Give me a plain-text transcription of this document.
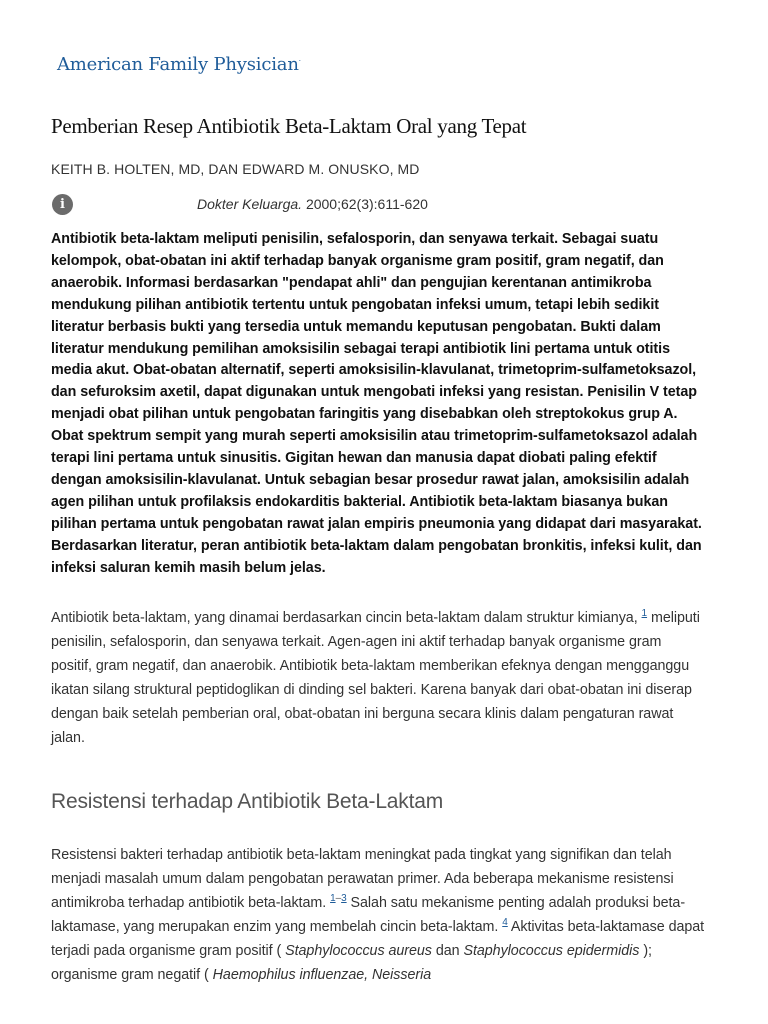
American Family Physician·
Pemberian Resep Antibiotik Beta-Laktam Oral yang Tepat
KEITH B. HOLTEN, MD, DAN EDWARD M. ONUSKO, MD
i	Dokter Keluarga. 2000;62(3):611-620

Antibiotik beta-laktam meliputi penisilin, sefalosporin, dan senyawa terkait. Sebagai suatu kelompok, obat-obatan ini aktif terhadap banyak organisme gram positif, gram negatif, dan anaerobik. Informasi berdasarkan "pendapat ahli" dan pengujian kerentanan antimikroba mendukung pilihan antibiotik tertentu untuk pengobatan infeksi umum, tetapi lebih sedikit literatur berbasis bukti yang tersedia untuk memandu keputusan pengobatan. Bukti dalam literatur mendukung pemilihan amoksisilin sebagai terapi antibiotik lini pertama untuk otitis media akut. Obat-obatan alternatif, seperti amoksisilin-klavulanat, trimetoprim-sulfametoksazol, dan sefuroksim axetil, dapat digunakan untuk mengobati infeksi yang resistan. Penisilin V tetap menjadi obat pilihan untuk pengobatan faringitis yang disebabkan oleh streptokokus grup A. Obat spektrum sempit yang murah seperti amoksisilin atau trimetoprim-sulfametoksazol adalah terapi lini pertama untuk sinusitis. Gigitan hewan dan manusia dapat diobati paling efektif dengan amoksisilin-klavulanat. Untuk sebagian besar prosedur rawat jalan, amoksisilin adalah agen pilihan untuk profilaksis endokarditis bakterial. Antibiotik beta-laktam biasanya bukan pilihan pertama untuk pengobatan rawat jalan empiris pneumonia yang didapat dari masyarakat. Berdasarkan literatur, peran antibiotik beta-laktam dalam pengobatan bronkitis, infeksi kulit, dan infeksi saluran kemih masih belum jelas.

Antibiotik beta-laktam, yang dinamai berdasarkan cincin beta-laktam dalam struktur kimianya, $^1$ meliputi penisilin, sefalosporin, dan senyawa terkait. Agen-agen ini aktif terhadap banyak organisme gram positif, gram negatif, dan anaerobik. Antibiotik beta-laktam memberikan efeknya dengan mengganggu ikatan silang struktural peptidoglikan di dinding sel bakteri. Karena banyak dari obat-obatan ini diserap dengan baik setelah pemberian oral, obat-obatan ini berguna secara klinis dalam pengaturan rawat jalan.

Resistensi terhadap Antibiotik Beta-Laktam

Resistensi bakteri terhadap antibiotik beta-laktam meningkat pada tingkat yang signifikan dan telah menjadi masalah umum dalam pengobatan perawatan primer. Ada beberapa mekanisme resistensi antimikroba terhadap antibiotik beta-laktam. $^{1-3}$ Salah satu mekanisme penting adalah produksi beta-laktamase, yang merupakan enzim yang membelah cincin beta-laktam. $^4$ Aktivitas beta-laktamase dapat terjadi pada organisme gram positif ( Staphylococcus aureus dan Staphylococcus epidermidis ); organisme gram negatif ( Haemophilus influenzae, Neisseria
